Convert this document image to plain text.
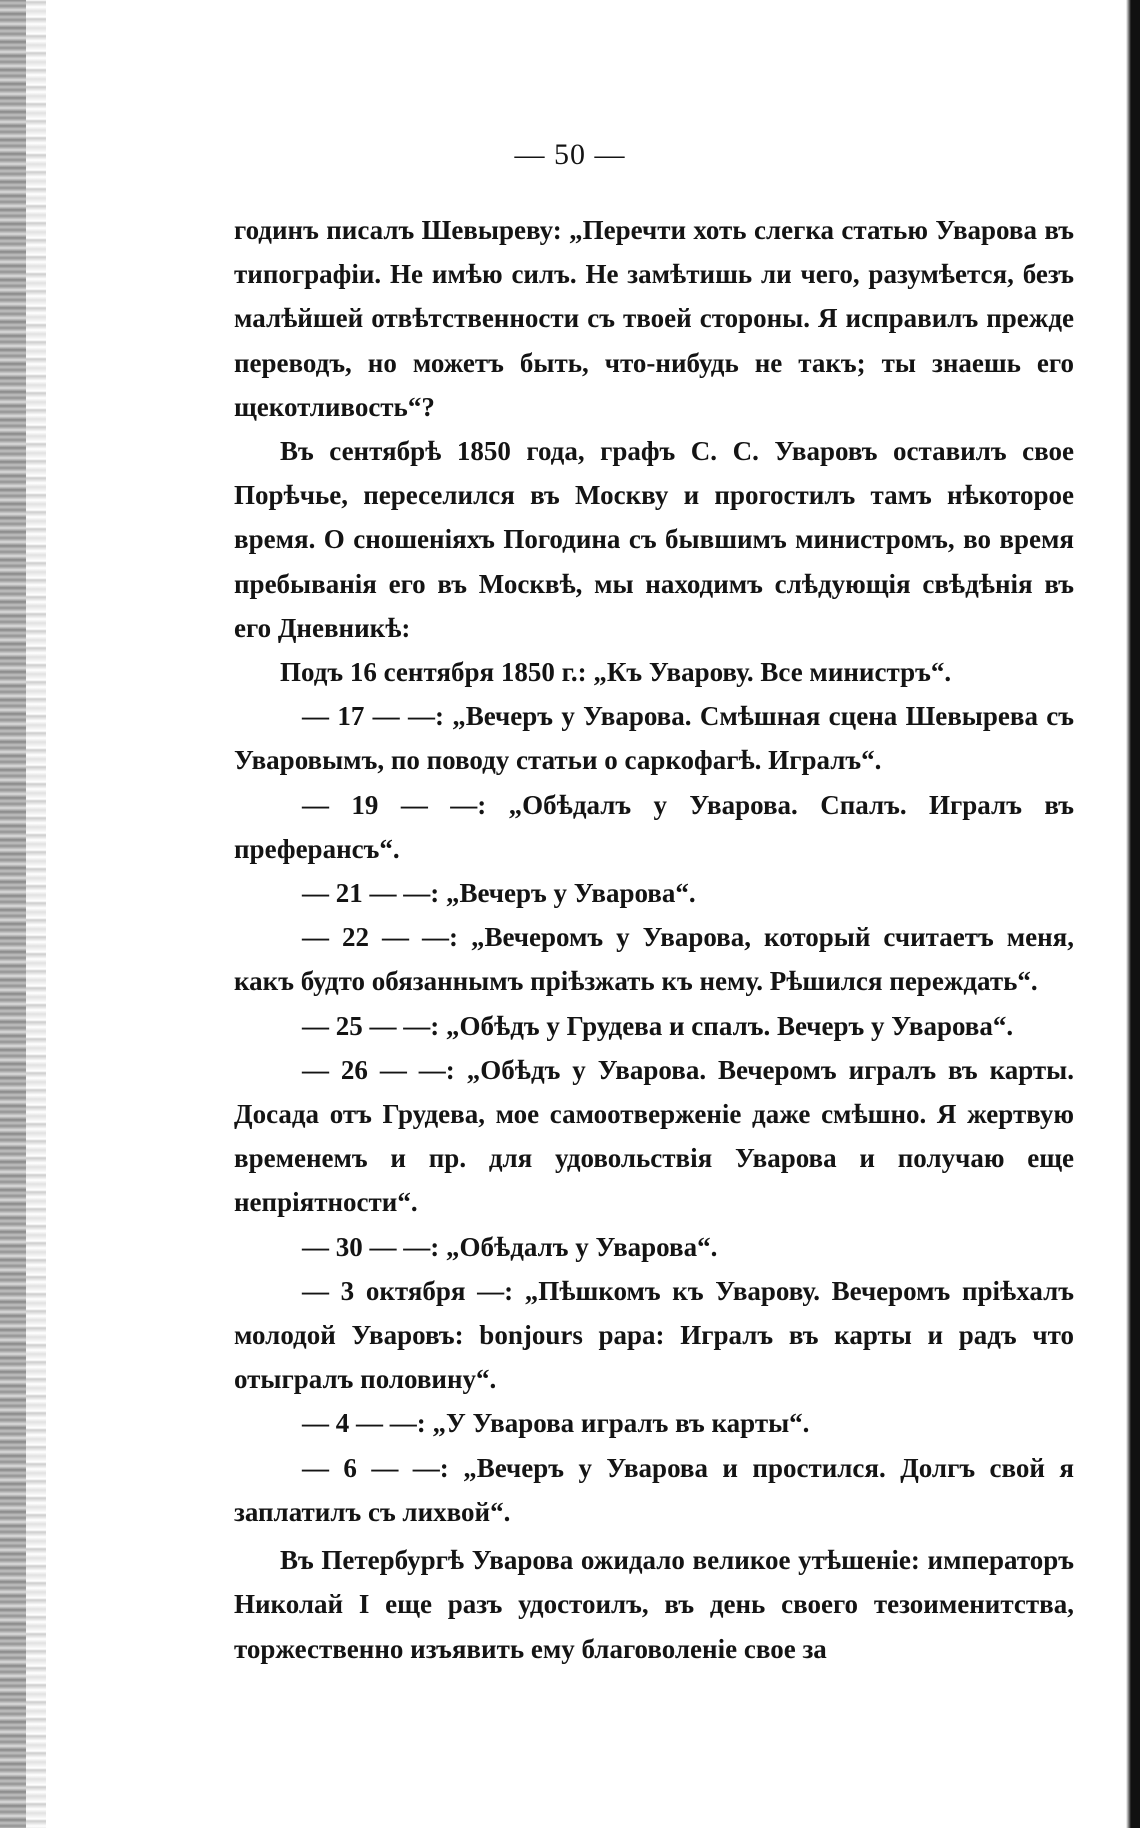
— 50 —

годинъ писалъ Шевыреву: „Перечти хоть слегка статью Уварова въ типографіи. Не имѣю силъ. Не замѣтишь ли чего, разумѣется, безъ малѣйшей отвѣтственности съ твоей стороны. Я исправилъ прежде переводъ, но можетъ быть, что-нибудь не такъ; ты знаешь его щекотливость“?

Въ сентябрѣ 1850 года, графъ С. С. Уваровъ оставилъ свое Порѣчье, переселился въ Москву и прогостилъ тамъ нѣкоторое время. О сношеніяхъ Погодина съ бывшимъ министромъ, во время пребыванія его въ Москвѣ, мы находимъ слѣдующія свѣдѣнія въ его Дневникѣ:

Подъ 16 сентября 1850 г.: „Къ Уварову. Все министръ“.

— 17 — —: „Вечеръ у Уварова. Смѣшная сцена Шевырева съ Уваровымъ, по поводу статьи о саркофагѣ. Игралъ“.

— 19 — —: „Обѣдалъ у Уварова. Спалъ. Игралъ въ преферансъ“.

— 21 — —: „Вечеръ у Уварова“.

— 22 — —: „Вечеромъ у Уварова, который считаетъ меня, какъ будто обязаннымъ пріѣзжать къ нему. Рѣшился переждать“.

— 25 — —: „Обѣдъ у Грудева и спалъ. Вечеръ у Уварова“.

— 26 — —: „Обѣдъ у Уварова. Вечеромъ игралъ въ карты. Досада отъ Грудева, мое самоотверженіе даже смѣшно. Я жертвую временемъ и пр. для удовольствія Уварова и получаю еще непріятности“.

— 30 — —: „Обѣдалъ у Уварова“.

— 3 октября —: „Пѣшкомъ къ Уварову. Вечеромъ пріѣхалъ молодой Уваровъ: bonjours papa: Игралъ въ карты и радъ что отыгралъ половину“.

— 4 — —: „У Уварова игралъ въ карты“.

— 6 — —: „Вечеръ у Уварова и простился. Долгъ свой я заплатилъ съ лихвой“.

Въ Петербургѣ Уварова ожидало великое утѣшеніе: императоръ Николай I еще разъ удостоилъ, въ день своего тезоименитства, торжественно изъявить ему благоволеніе свое за
